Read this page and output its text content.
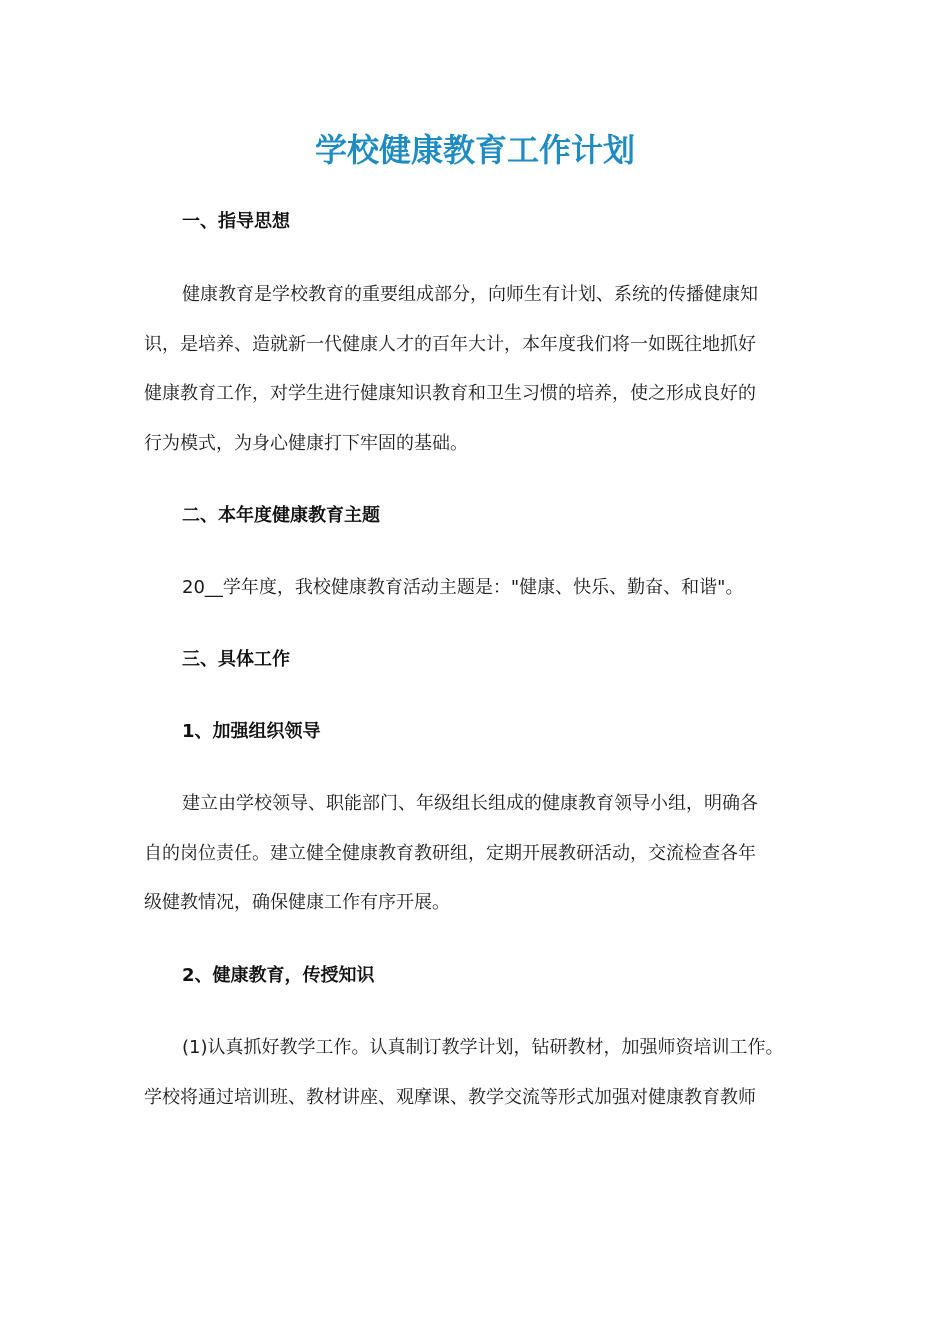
学校健康教育工作计划
一、指导思想
健康教育是学校教育的重要组成部分，向师生有计划、系统的传播健康知
识，是培养、造就新一代健康人才的百年大计，本年度我们将一如既往地抓好
健康教育工作，对学生进行健康知识教育和卫生习惯的培养，使之形成良好的
行为模式，为身心健康打下牢固的基础。
二、本年度健康教育主题
20__学年度，我校健康教育活动主题是："健康、快乐、勤奋、和谐"。
三、具体工作
1、加强组织领导
建立由学校领导、职能部门、年级组长组成的健康教育领导小组，明确各
自的岗位责任。建立健全健康教育教研组，定期开展教研活动，交流检查各年
级健教情况，确保健康工作有序开展。
2、健康教育，传授知识
(1)认真抓好教学工作。认真制订教学计划，钻研教材，加强师资培训工作。
学校将通过培训班、教材讲座、观摩课、教学交流等形式加强对健康教育教师
